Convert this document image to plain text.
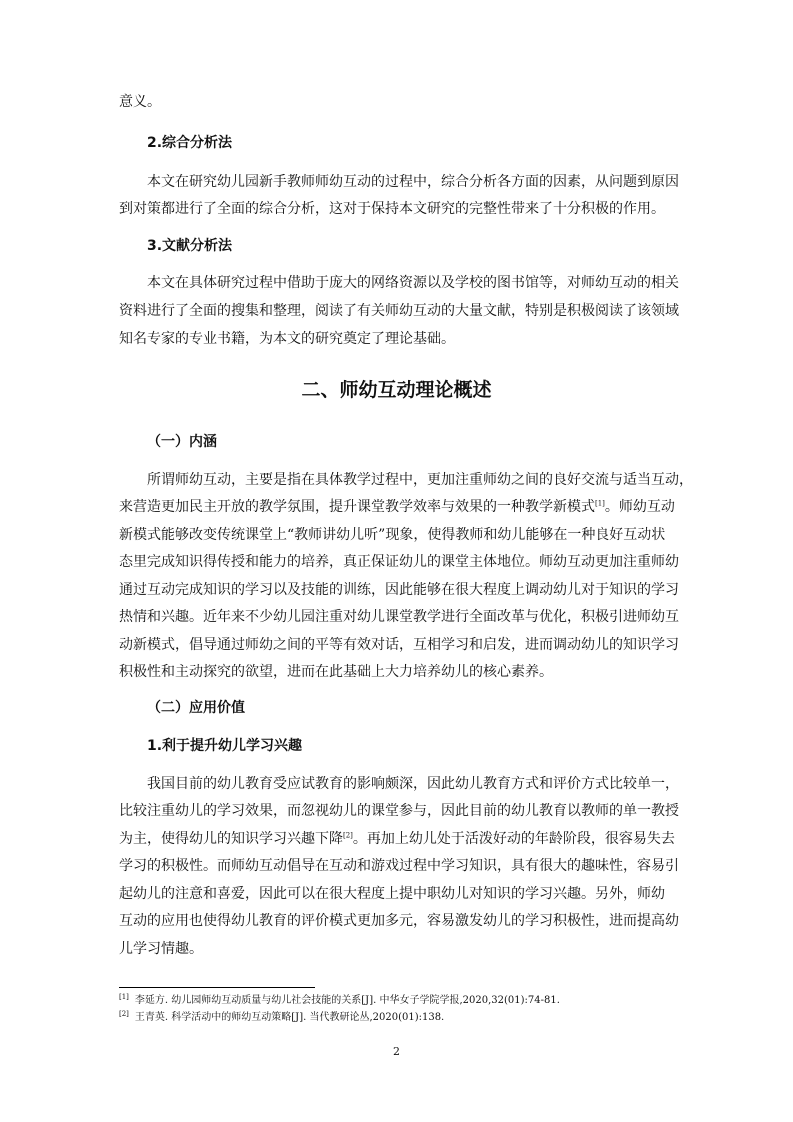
意义。
2.综合分析法
本文在研究幼儿园新手教师师幼互动的过程中，综合分析各方面的因素，从问题到原因
到对策都进行了全面的综合分析，这对于保持本文研究的完整性带来了十分积极的作用。
3.文献分析法
本文在具体研究过程中借助于庞大的网络资源以及学校的图书馆等，对师幼互动的相关
资料进行了全面的搜集和整理，阅读了有关师幼互动的大量文献，特别是积极阅读了该领域
知名专家的专业书籍，为本文的研究奠定了理论基础。
二、师幼互动理论概述
（一）内涵
所谓师幼互动，主要是指在具体教学过程中，更加注重师幼之间的良好交流与适当互动，
来营造更加民主开放的教学氛围，提升课堂教学效率与效果的一种教学新模式[1]。师幼互动
新模式能够改变传统课堂上“教师讲幼儿听”现象，使得教师和幼儿能够在一种良好互动状
态里完成知识得传授和能力的培养，真正保证幼儿的课堂主体地位。师幼互动更加注重师幼
通过互动完成知识的学习以及技能的训练，因此能够在很大程度上调动幼儿对于知识的学习
热情和兴趣。近年来不少幼儿园注重对幼儿课堂教学进行全面改革与优化，积极引进师幼互
动新模式，倡导通过师幼之间的平等有效对话，互相学习和启发，进而调动幼儿的知识学习
积极性和主动探究的欲望，进而在此基础上大力培养幼儿的核心素养。
（二）应用价值
1.利于提升幼儿学习兴趣
我国目前的幼儿教育受应试教育的影响颇深，因此幼儿教育方式和评价方式比较单一，
比较注重幼儿的学习效果，而忽视幼儿的课堂参与，因此目前的幼儿教育以教师的单一教授
为主，使得幼儿的知识学习兴趣下降[2]。再加上幼儿处于活泼好动的年龄阶段，很容易失去
学习的积极性。而师幼互动倡导在互动和游戏过程中学习知识，具有很大的趣味性，容易引
起幼儿的注意和喜爱，因此可以在很大程度上提中职幼儿对知识的学习兴趣。另外，师幼
互动的应用也使得幼儿教育的评价模式更加多元，容易激发幼儿的学习积极性，进而提高幼
儿学习情趣。
[1] 李延方. 幼儿园师幼互动质量与幼儿社会技能的关系[J]. 中华女子学院学报,2020,32(01):74-81.
[2] 王青英. 科学活动中的师幼互动策略[J]. 当代教研论丛,2020(01):138.
2
